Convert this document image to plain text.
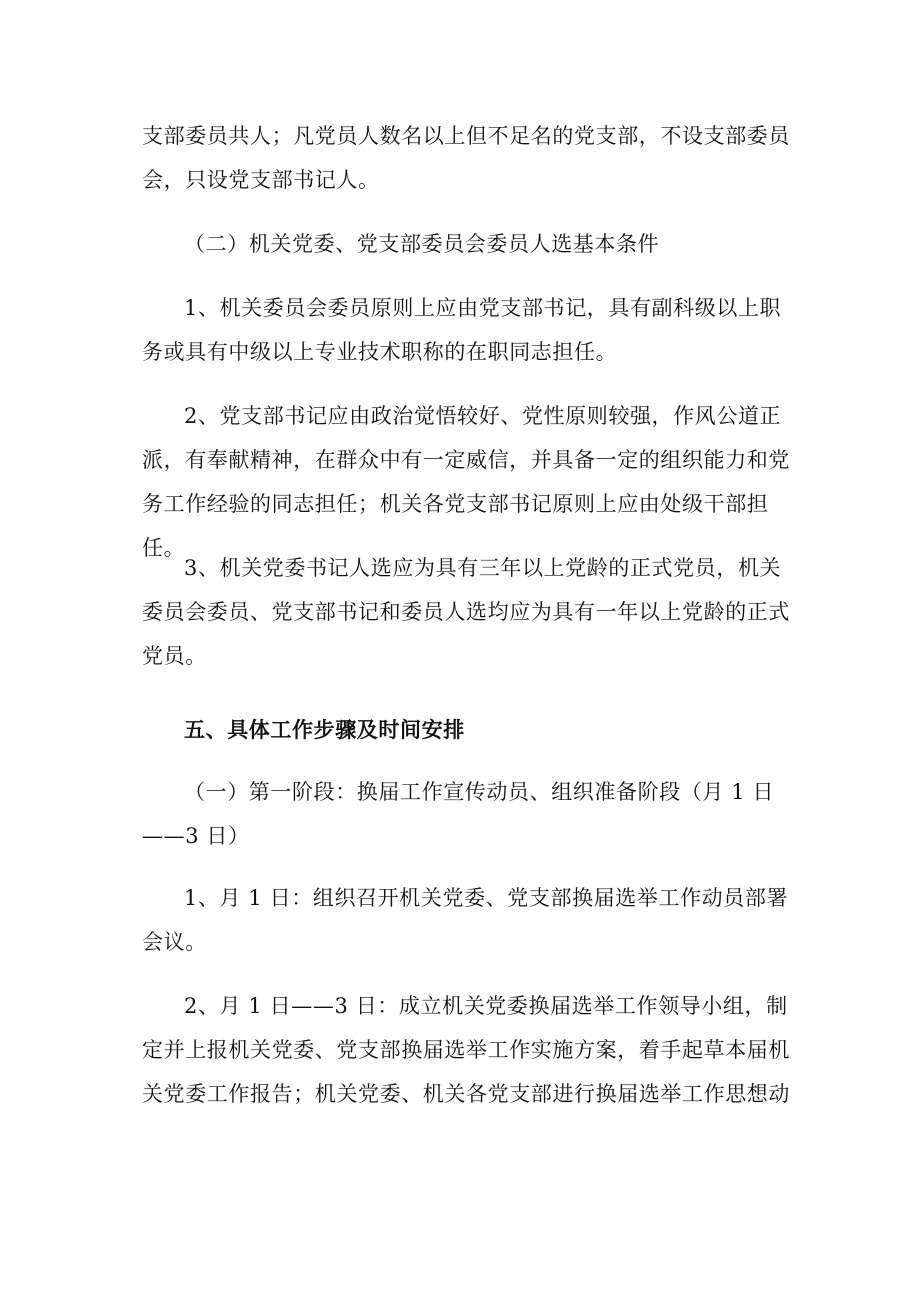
支部委员共人；凡党员人数名以上但不足名的党支部，不设支部委员会，只设党支部书记人。

（二）机关党委、党支部委员会委员人选基本条件

1、机关委员会委员原则上应由党支部书记，具有副科级以上职务或具有中级以上专业技术职称的在职同志担任。

2、党支部书记应由政治觉悟较好、党性原则较强，作风公道正派，有奉献精神，在群众中有一定威信，并具备一定的组织能力和党务工作经验的同志担任；机关各党支部书记原则上应由处级干部担任。

3、机关党委书记人选应为具有三年以上党龄的正式党员，机关委员会委员、党支部书记和委员人选均应为具有一年以上党龄的正式党员。

五、具体工作步骤及时间安排

（一）第一阶段：换届工作宣传动员、组织准备阶段（月 1 日——3 日）

1、月 1 日：组织召开机关党委、党支部换届选举工作动员部署会议。

2、月 1 日——3 日：成立机关党委换届选举工作领导小组，制定并上报机关党委、党支部换届选举工作实施方案，着手起草本届机关党委工作报告；机关党委、机关各党支部进行换届选举工作思想动
